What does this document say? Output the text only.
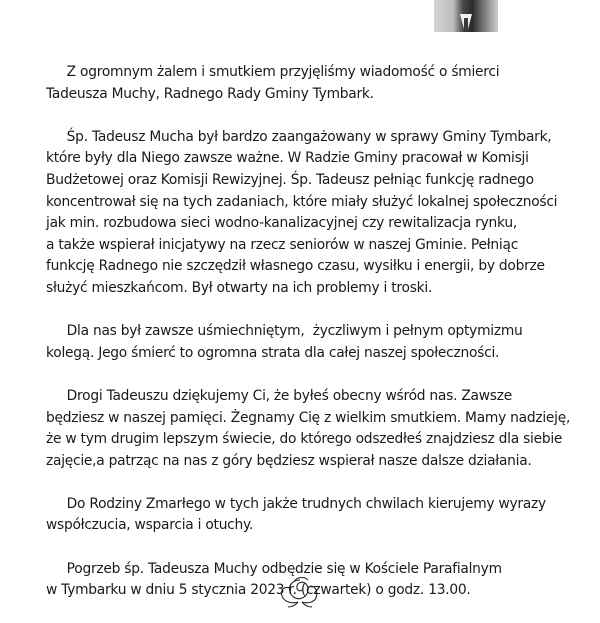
Z ogromnym żalem i smutkiem przyjęliśmy wiadomość o śmierci
Tadeusza Muchy, Radnego Rady Gminy Tymbark.
Śp. Tadeusz Mucha był bardzo zaangażowany w sprawy Gminy Tymbark,
które były dla Niego zawsze ważne. W Radzie Gminy pracował w Komisji
Budżetowej oraz Komisji Rewizyjnej. Śp. Tadeusz pełniąc funkcję radnego
koncentrował się na tych zadaniach, które miały służyć lokalnej społeczności
jak min. rozbudowa sieci wodno-kanalizacyjnej czy rewitalizacja rynku,
a także wspierał inicjatywy na rzecz seniorów w naszej Gminie. Pełniąc
funkcję Radnego nie szczędził własnego czasu, wysiłku i energii, by dobrze
służyć mieszkańcom. Był otwarty na ich problemy i troski.
Dla nas był zawsze uśmiechniętym,  życzliwym i pełnym optymizmu
kolegą. Jego śmierć to ogromna strata dla całej naszej społeczności.
Drogi Tadeuszu dziękujemy Ci, że byłeś obecny wśród nas. Zawsze
będziesz w naszej pamięci. Żegnamy Cię z wielkim smutkiem. Mamy nadzieję,
że w tym drugim lepszym świecie, do którego odszedłeś znajdziesz dla siebie
zajęcie,a patrząc na nas z góry będziesz wspierał nasze dalsze działania.
Do Rodziny Zmarłego w tych jakże trudnych chwilach kierujemy wyrazy
współczucia, wsparcia i otuchy.
Pogrzeb śp. Tadeusza Muchy odbędzie się w Kościele Parafialnym
w Tymbarku w dniu 5 stycznia 2023 r. (czwartek) o godz. 13.00.
